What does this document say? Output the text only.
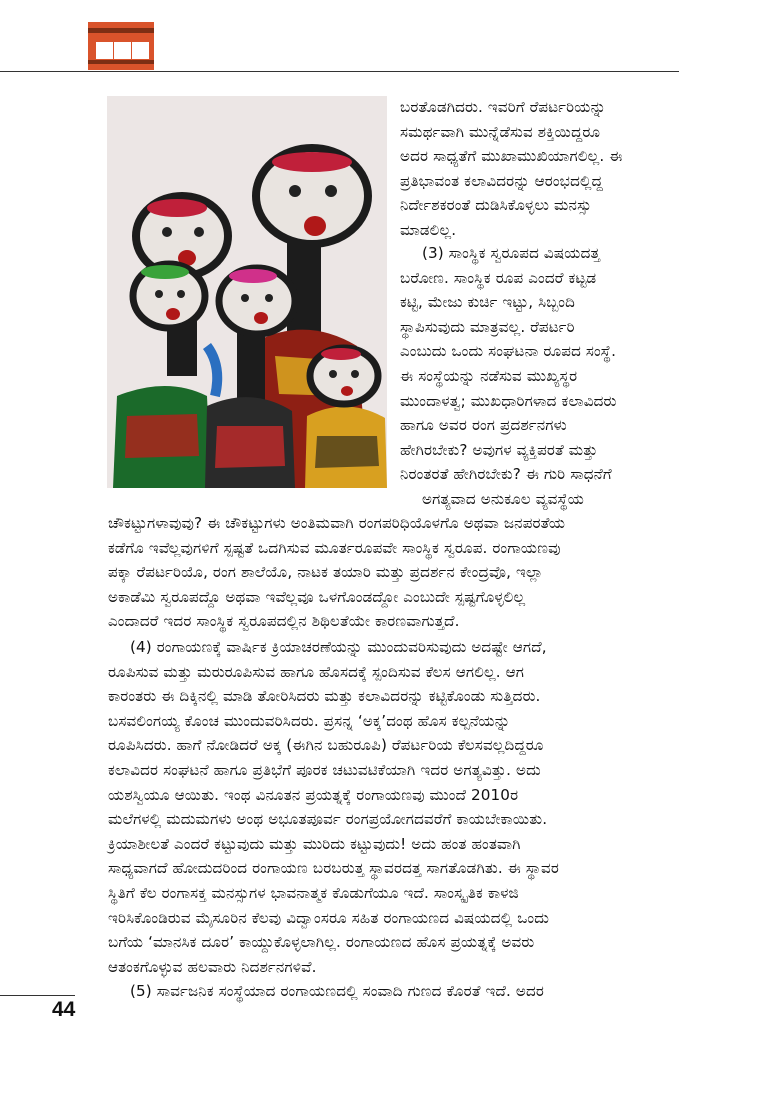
ಬರತೊಡಗಿದರು. ಇವರಿಗೆ ರೆಪರ್ಟರಿಯನ್ನು
ಸಮರ್ಥವಾಗಿ ಮುನ್ನೆಡೆಸುವ ಶಕ್ತಿಯಿದ್ದರೂ
ಅದರ ಸಾಧ್ಯತೆಗೆ ಮುಖಾಮುಖಿಯಾಗಲಿಲ್ಲ. ಈ
ಪ್ರತಿಭಾವಂತ ಕಲಾವಿದರನ್ನು ಆರಂಭದಲ್ಲಿದ್ದ
ನಿರ್ದೇಶಕರಂತೆ ದುಡಿಸಿಕೊಳ್ಳಲು ಮನಸ್ಸು
ಮಾಡಲಿಲ್ಲ.
(3) ಸಾಂಸ್ಥಿಕ ಸ್ವರೂಪದ ವಿಷಯದತ್ತ
ಬರೋಣ. ಸಾಂಸ್ಥಿಕ ರೂಪ ಎಂದರೆ ಕಟ್ಟಡ
ಕಟ್ಟಿ, ಮೇಜು ಕುರ್ಚಿ ಇಟ್ಟು, ಸಿಬ್ಬಂದಿ
ಸ್ಥಾಪಿಸುವುದು ಮಾತ್ರವಲ್ಲ. ರೆಪರ್ಟರಿ
ಎಂಬುದು ಒಂದು ಸಂಘಟನಾ ರೂಪದ ಸಂಸ್ಥೆ.
ಈ ಸಂಸ್ಥೆಯನ್ನು ನಡೆಸುವ ಮುಖ್ಯಸ್ಥರ
ಮುಂದಾಳತ್ವ; ಮುಖಧಾರಿಗಳಾದ ಕಲಾವಿದರು
ಹಾಗೂ ಅವರ ರಂಗ ಪ್ರದರ್ಶನಗಳು
ಹೇಗಿರಬೇಕು? ಅವುಗಳ ವ್ಯಕ್ತಿಪರತೆ ಮತ್ತು
ನಿರಂತರತೆ ಹೇಗಿರಬೇಕು? ಈ ಗುರಿ ಸಾಧನೆಗೆ
ಅಗತ್ಯವಾದ ಅನುಕೂಲ ವ್ಯವಸ್ಥೆಯ
ಚೌಕಟ್ಟುಗಳಾವುವು? ಈ ಚೌಕಟ್ಟುಗಳು ಅಂತಿಮವಾಗಿ ರಂಗಪರಿಧಿಯೊಳಗೊ ಅಥವಾ ಜನಪರತೆಯ
ಕಡೆಗೊ ಇವೆಲ್ಲವುಗಳಿಗೆ ಸ್ಪಷ್ಟತೆ ಒದಗಿಸುವ ಮೂರ್ತರೂಪವೇ ಸಾಂಸ್ಥಿಕ ಸ್ವರೂಪ. ರಂಗಾಯಣವು
ಪಕ್ಕಾ ರೆಪರ್ಟರಿಯೊ, ರಂಗ ಶಾಲೆಯೊ, ನಾಟಕ ತಯಾರಿ ಮತ್ತು ಪ್ರದರ್ಶನ ಕೇಂದ್ರವೊ, ಇಲ್ಲಾ
ಅಕಾಡೆಮಿ ಸ್ವರೂಪದ್ದೊ ಅಥವಾ ಇವೆಲ್ಲವೂ ಒಳಗೊಂಡದ್ದೋ ಎಂಬುದೇ ಸ್ಪಷ್ಟಗೊಳ್ಳಲಿಲ್ಲ
ಎಂದಾದರೆ ಇದರ ಸಾಂಸ್ಥಿಕ ಸ್ವರೂಪದಲ್ಲಿನ ಶಿಥಿಲತೆಯೇ ಕಾರಣವಾಗುತ್ತದೆ.
(4) ರಂಗಾಯಣಕ್ಕೆ ವಾರ್ಷಿಕ ಕ್ರಿಯಾಚರಣೆಯನ್ನು ಮುಂದುವರಿಸುವುದು ಅದಷ್ಟೇ ಆಗದೆ,
ರೂಪಿಸುವ ಮತ್ತು ಮರುರೂಪಿಸುವ ಹಾಗೂ ಹೊಸದಕ್ಕೆ ಸ್ಪಂದಿಸುವ ಕೆಲಸ ಆಗಲಿಲ್ಲ. ಆಗ
ಕಾರಂತರು ಈ ದಿಕ್ಕಿನಲ್ಲಿ ಮಾಡಿ ತೋರಿಸಿದರು ಮತ್ತು ಕಲಾವಿದರನ್ನು ಕಟ್ಟಿಕೊಂಡು ಸುತ್ತಿದರು.
ಬಸವಲಿಂಗಯ್ಯ ಕೊಂಚ ಮುಂದುವರಿಸಿದರು. ಪ್ರಸನ್ನ ‘ಅಕ್ಕ’ದಂಥ ಹೊಸ ಕಲ್ಪನೆಯನ್ನು
ರೂಪಿಸಿದರು. ಹಾಗೆ ನೋಡಿದರೆ ಅಕ್ಕ (ಈಗಿನ ಬಹುರೂಪಿ) ರೆಪರ್ಟರಿಯ ಕೆಲಸವಲ್ಲದಿದ್ದರೂ
ಕಲಾವಿದರ ಸಂಘಟನೆ ಹಾಗೂ ಪ್ರತಿಭೆಗೆ ಪೂರಕ ಚಟುವಟಿಕೆಯಾಗಿ ಇದರ ಅಗತ್ಯವಿತ್ತು. ಅದು
ಯಶಸ್ವಿಯೂ ಆಯಿತು. ಇಂಥ ವಿನೂತನ ಪ್ರಯತ್ನಕ್ಕೆ ರಂಗಾಯಣವು ಮುಂದೆ 2010ರ
ಮಲೆಗಳಲ್ಲಿ ಮದುಮಗಳು ಅಂಥ ಅಭೂತಪೂರ್ವ ರಂಗಪ್ರಯೋಗದವರೆಗೆ ಕಾಯಬೇಕಾಯಿತು.
ಕ್ರಿಯಾಶೀಲತೆ ಎಂದರೆ ಕಟ್ಟುವುದು ಮತ್ತು ಮುರಿದು ಕಟ್ಟುವುದು! ಅದು ಹಂತ ಹಂತವಾಗಿ
ಸಾಧ್ಯವಾಗದೆ ಹೋದುದರಿಂದ ರಂಗಾಯಣ ಬರಬರುತ್ತ ಸ್ಥಾವರದತ್ತ ಸಾಗತೊಡಗಿತು. ಈ ಸ್ಥಾವರ
ಸ್ಥಿತಿಗೆ ಕೆಲ ರಂಗಾಸಕ್ತ ಮನಸ್ಸುಗಳ ಭಾವನಾತ್ಮಕ ಕೊಡುಗೆಯೂ ಇದೆ. ಸಾಂಸ್ಕೃತಿಕ ಕಾಳಜಿ
ಇರಿಸಿಕೊಂಡಿರುವ ಮೈಸೂರಿನ ಕೆಲವು ವಿದ್ವಾಂಸರೂ ಸಹಿತ ರಂಗಾಯಣದ ವಿಷಯದಲ್ಲಿ ಒಂದು
ಬಗೆಯ ‘ಮಾನಸಿಕ ದೂರ’ ಕಾಯ್ದುಕೊಳ್ಳಲಾಗಿಲ್ಲ. ರಂಗಾಯಣದ ಹೊಸ ಪ್ರಯತ್ನಕ್ಕೆ ಅವರು
ಆತಂಕಗೊಳ್ಳುವ ಹಲವಾರು ನಿದರ್ಶನಗಳಿವೆ.
(5) ಸಾರ್ವಜನಿಕ ಸಂಸ್ಥೆಯಾದ ರಂಗಾಯಣದಲ್ಲಿ ಸಂವಾದಿ ಗುಣದ ಕೊರತೆ ಇದೆ. ಅದರ
44
